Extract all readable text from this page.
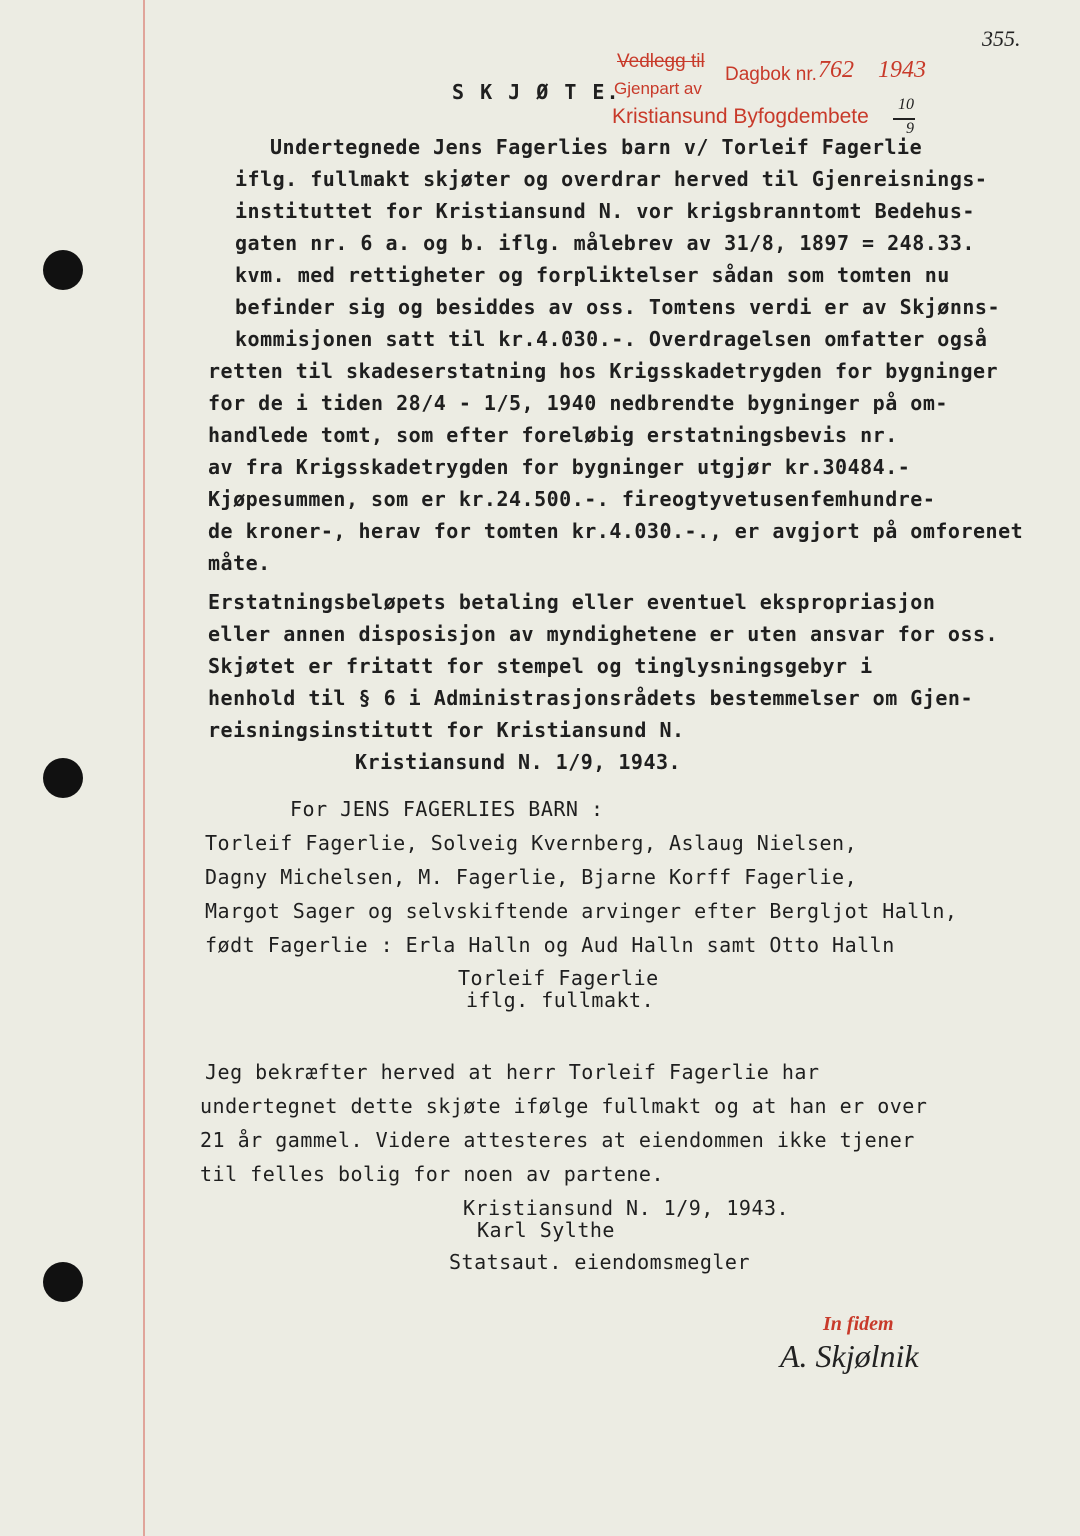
355.
Vedlegg til
Gjenpart av
Dagbok nr. 762 1943
Kristiansund Byfogdembete
10
9
S K J Ø T E.
Undertegnede Jens Fagerlies barn v/ Torleif Fagerlie
iflg. fullmakt skjøter og overdrar herved til Gjenreisnings-
instituttet for Kristiansund N. vor krigsbranntomt Bedehus-
gaten nr. 6 a. og b. iflg. målebrev av 31/8, 1897 = 248.33.
kvm. med rettigheter og forpliktelser sådan som tomten nu
befinder sig og besiddes av oss. Tomtens verdi er av Skjønns-
kommisjonen satt til kr.4.030.-. Overdragelsen omfatter også
retten til skadeserstatning hos Krigsskadetrygden for bygninger
for de i tiden 28/4 - 1/5, 1940 nedbrendte bygninger på om-
handlede tomt, som efter foreløbig erstatningsbevis nr.
av fra Krigsskadetrygden for bygninger utgjør kr.30484.-
Kjøpesummen, som er kr.24.500.-. fireogtyvetusenfemhundre-
de kroner-, herav for tomten kr.4.030.-., er avgjort på omforenet
måte.
Erstatningsbeløpets betaling eller eventuel ekspropriasjon
eller annen disposisjon av myndighetene er uten ansvar for oss.
Skjøtet er fritatt for stempel og tinglysningsgebyr i
henhold til § 6 i Administrasjonsrådets bestemmelser om Gjen-
reisningsinstitutt for Kristiansund N.
Kristiansund N. 1/9, 1943.
For JENS FAGERLIES BARN :
Torleif Fagerlie, Solveig Kvernberg, Aslaug Nielsen,
Dagny Michelsen, M. Fagerlie, Bjarne Korff Fagerlie,
Margot Sager og selvskiftende arvinger efter Bergljot Halln,
født Fagerlie : Erla Halln og Aud Halln samt Otto Halln
Torleif Fagerlie
iflg. fullmakt.
Jeg bekræfter herved at herr Torleif Fagerlie har
undertegnet dette skjøte ifølge fullmakt og at han er over
21 år gammel. Videre attesteres at eiendommen ikke tjener
til felles bolig for noen av partene.
Kristiansund N. 1/9, 1943.
Karl Sylthe
Statsaut. eiendomsmegler
In fidem
A. Skjølnik
